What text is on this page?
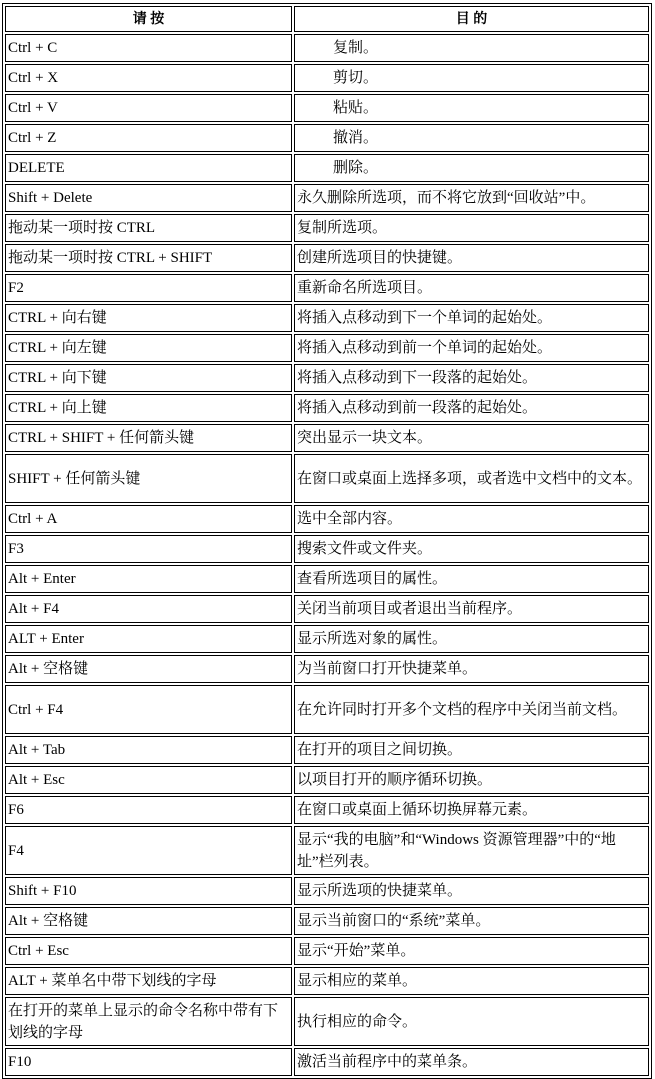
请 按	目 的
Ctrl + C	复制。
Ctrl + X	剪切。
Ctrl + V	粘贴。
Ctrl + Z	撤消。
DELETE	删除。
Shift + Delete	永久删除所选项，而不将它放到“回收站”中。
拖动某一项时按 CTRL	复制所选项。
拖动某一项时按 CTRL + SHIFT	创建所选项目的快捷键。
F2	重新命名所选项目。
CTRL + 向右键	将插入点移动到下一个单词的起始处。
CTRL + 向左键	将插入点移动到前一个单词的起始处。
CTRL + 向下键	将插入点移动到下一段落的起始处。
CTRL + 向上键	将插入点移动到前一段落的起始处。
CTRL + SHIFT + 任何箭头键	突出显示一块文本。
SHIFT + 任何箭头键	在窗口或桌面上选择多项，或者选中文档中的文本。
Ctrl + A	选中全部内容。
F3	搜索文件或文件夹。
Alt + Enter	查看所选项目的属性。
Alt + F4	关闭当前项目或者退出当前程序。
ALT + Enter	显示所选对象的属性。
Alt + 空格键	为当前窗口打开快捷菜单。
Ctrl + F4	在允许同时打开多个文档的程序中关闭当前文档。
Alt + Tab	在打开的项目之间切换。
Alt + Esc	以项目打开的顺序循环切换。
F6	在窗口或桌面上循环切换屏幕元素。
F4	显示“我的电脑”和“Windows 资源管理器”中的“地址”栏列表。
Shift + F10	显示所选项的快捷菜单。
Alt + 空格键	显示当前窗口的“系统”菜单。
Ctrl + Esc	显示“开始”菜单。
ALT + 菜单名中带下划线的字母	显示相应的菜单。
在打开的菜单上显示的命令名称中带有下划线的字母	执行相应的命令。
F10	激活当前程序中的菜单条。
